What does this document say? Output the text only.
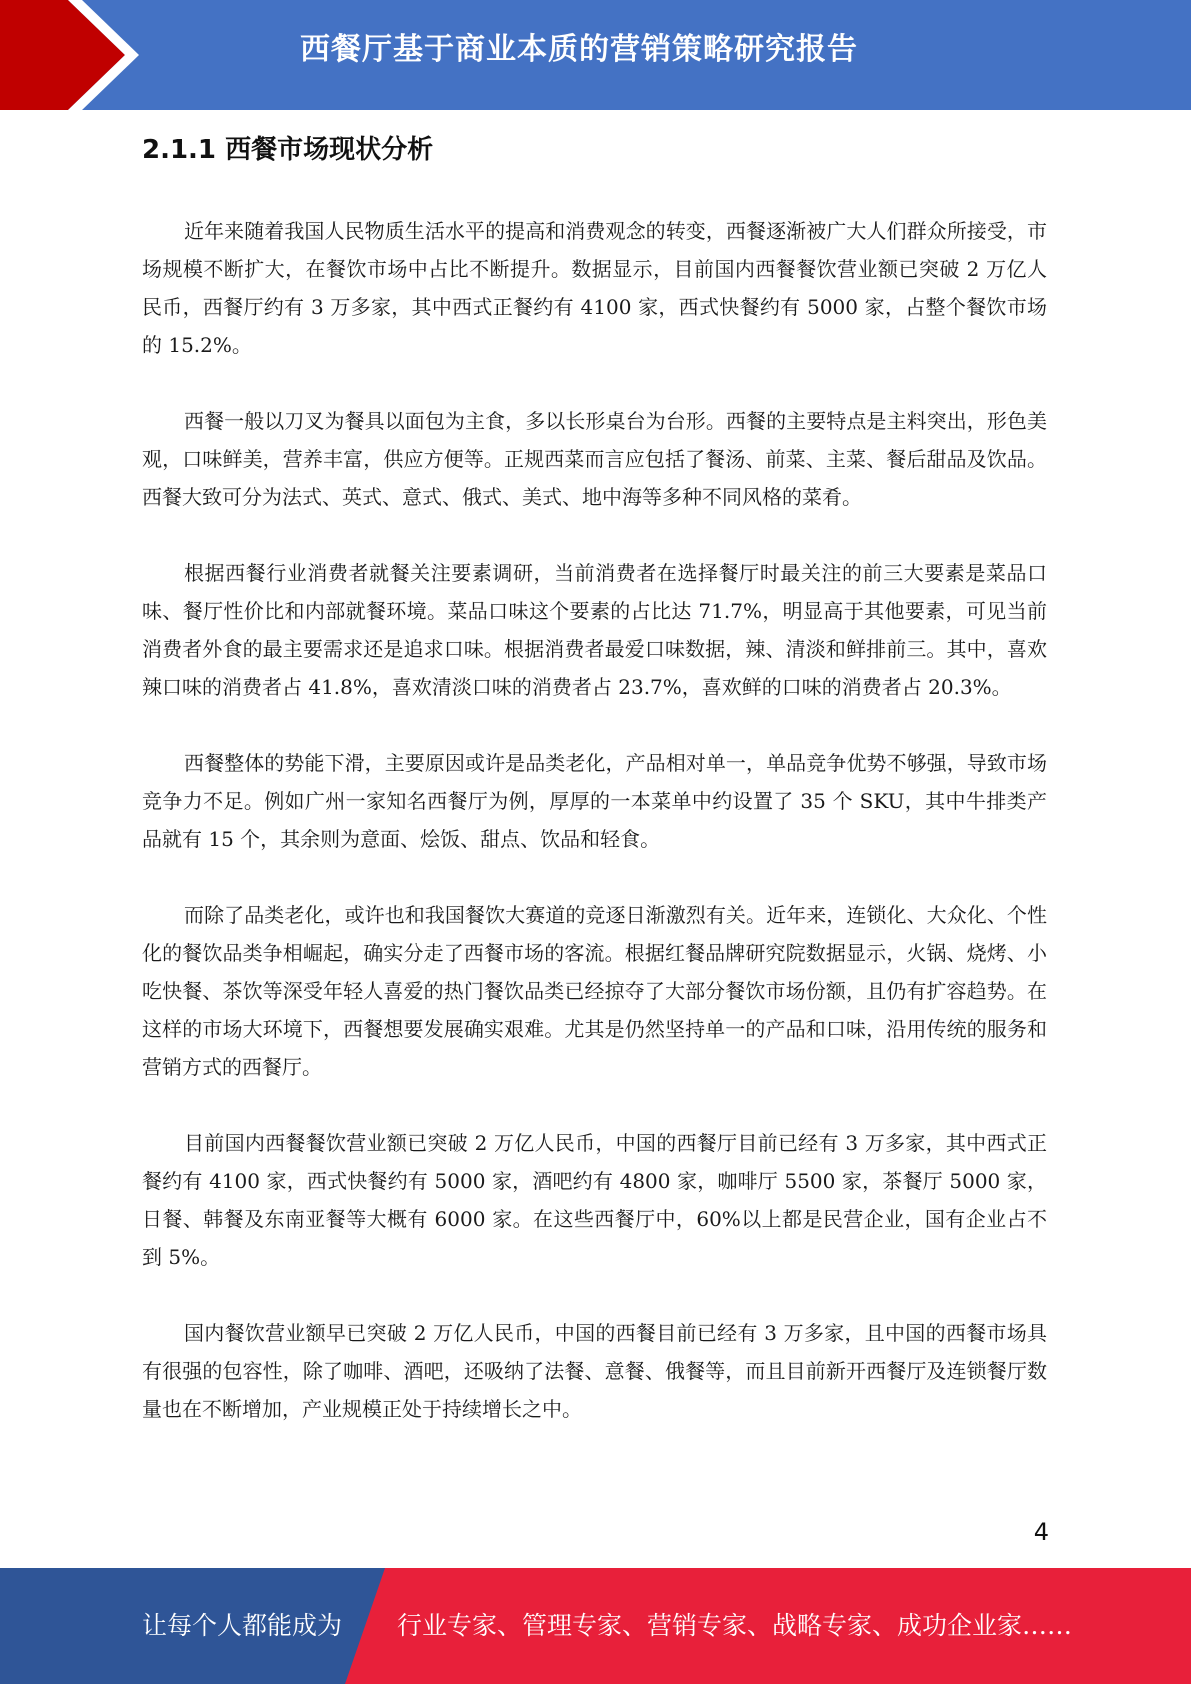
西餐厅基于商业本质的营销策略研究报告
2.1.1 西餐市场现状分析

近年来随着我国人民物质生活水平的提高和消费观念的转变，西餐逐渐被广大人们群众所接受，市场规模不断扩大，在餐饮市场中占比不断提升。数据显示，目前国内西餐餐饮营业额已突破 2 万亿人民币，西餐厅约有 3 万多家，其中西式正餐约有 4100 家，西式快餐约有 5000 家，占整个餐饮市场的 15.2%。

西餐一般以刀叉为餐具以面包为主食，多以长形桌台为台形。西餐的主要特点是主料突出，形色美观，口味鲜美，营养丰富，供应方便等。正规西菜而言应包括了餐汤、前菜、主菜、餐后甜品及饮品。西餐大致可分为法式、英式、意式、俄式、美式、地中海等多种不同风格的菜肴。

根据西餐行业消费者就餐关注要素调研，当前消费者在选择餐厅时最关注的前三大要素是菜品口味、餐厅性价比和内部就餐环境。菜品口味这个要素的占比达 71.7%，明显高于其他要素，可见当前消费者外食的最主要需求还是追求口味。根据消费者最爱口味数据，辣、清淡和鲜排前三。其中，喜欢辣口味的消费者占 41.8%，喜欢清淡口味的消费者占 23.7%，喜欢鲜的口味的消费者占 20.3%。

西餐整体的势能下滑，主要原因或许是品类老化，产品相对单一，单品竞争优势不够强，导致市场竞争力不足。例如广州一家知名西餐厅为例，厚厚的一本菜单中约设置了 35 个 SKU，其中牛排类产品就有 15 个，其余则为意面、烩饭、甜点、饮品和轻食。

而除了品类老化，或许也和我国餐饮大赛道的竞逐日渐激烈有关。近年来，连锁化、大众化、个性化的餐饮品类争相崛起，确实分走了西餐市场的客流。根据红餐品牌研究院数据显示，火锅、烧烤、小吃快餐、茶饮等深受年轻人喜爱的热门餐饮品类已经掠夺了大部分餐饮市场份额，且仍有扩容趋势。在这样的市场大环境下，西餐想要发展确实艰难。尤其是仍然坚持单一的产品和口味，沿用传统的服务和营销方式的西餐厅。

目前国内西餐餐饮营业额已突破 2 万亿人民币，中国的西餐厅目前已经有 3 万多家，其中西式正餐约有 4100 家，西式快餐约有 5000 家，酒吧约有 4800 家，咖啡厅 5500 家，茶餐厅 5000 家，日餐、韩餐及东南亚餐等大概有 6000 家。在这些西餐厅中，60%以上都是民营企业，国有企业占不到 5%。

国内餐饮营业额早已突破 2 万亿人民币，中国的西餐目前已经有 3 万多家，且中国的西餐市场具有很强的包容性，除了咖啡、酒吧，还吸纳了法餐、意餐、俄餐等，而且目前新开西餐厅及连锁餐厅数量也在不断增加，产业规模正处于持续增长之中。

4
让每个人都能成为 行业专家、管理专家、营销专家、战略专家、成功企业家……
